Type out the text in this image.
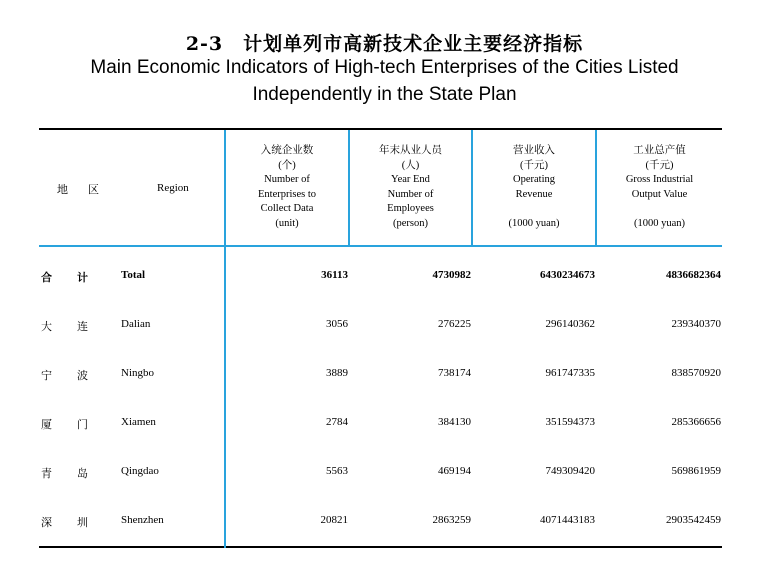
2-3　计划单列市高新技术企业主要经济指标
Main Economic Indicators of High-tech Enterprises of the Cities Listed
Independently in the State Plan
地区	Region
入统企业数
(个)
Number of
Enterprises to
Collect Data
(unit)
年末从业人员
(人)
Year End
Number of
Employees
(person)
营业收入
(千元)
Operating
Revenue
(1000 yuan)
工业总产值
(千元)
Gross Industrial
Output Value
(1000 yuan)
合 计	Total	36113	4730982	6430234673	4836682364
大 连	Dalian	3056	276225	296140362	239340370
宁 波	Ningbo	3889	738174	961747335	838570920
厦 门	Xiamen	2784	384130	351594373	285366656
青 岛	Qingdao	5563	469194	749309420	569861959
深 圳	Shenzhen	20821	2863259	4071443183	2903542459
